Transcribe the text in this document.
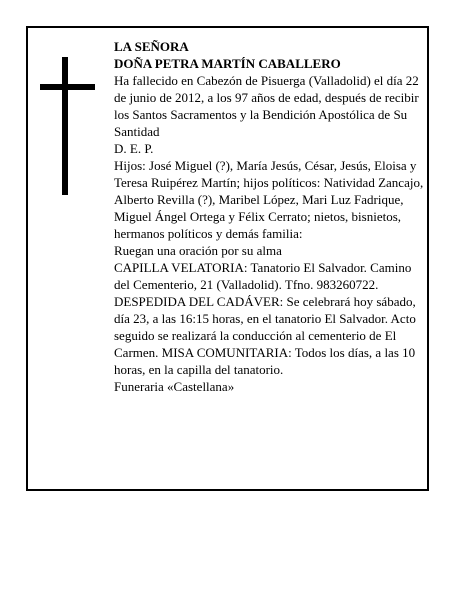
LA SEÑORA

DOÑA PETRA MARTÍN CABALLERO

Ha fallecido en Cabezón de Pisuerga (Valladolid) el día 22 de junio de 2012, a los 97 años de edad, después de recibir los Santos Sacramentos y la Bendición Apostólica de Su Santidad

D. E. P.

Hijos: José Miguel (?), María Jesús, César, Jesús, Eloisa y Teresa Ruipérez Martín; hijos políticos: Natividad Zancajo, Alberto Revilla (?), Maribel López, Mari Luz Fadrique, Miguel Ángel Ortega y Félix Cerrato; nietos, bisnietos, hermanos políticos y demás familia:

Ruegan una oración por su alma

CAPILLA VELATORIA: Tanatorio El Salvador. Camino del Cementerio, 21 (Valladolid). Tfno. 983260722.

DESPEDIDA DEL CADÁVER: Se celebrará hoy sábado, día 23, a las 16:15 horas, en el tanatorio El Salvador. Acto seguido se realizará la conducción al cementerio de El Carmen. MISA COMUNITARIA: Todos los días, a las 10 horas, en la capilla del tanatorio.

Funeraria «Castellana»
